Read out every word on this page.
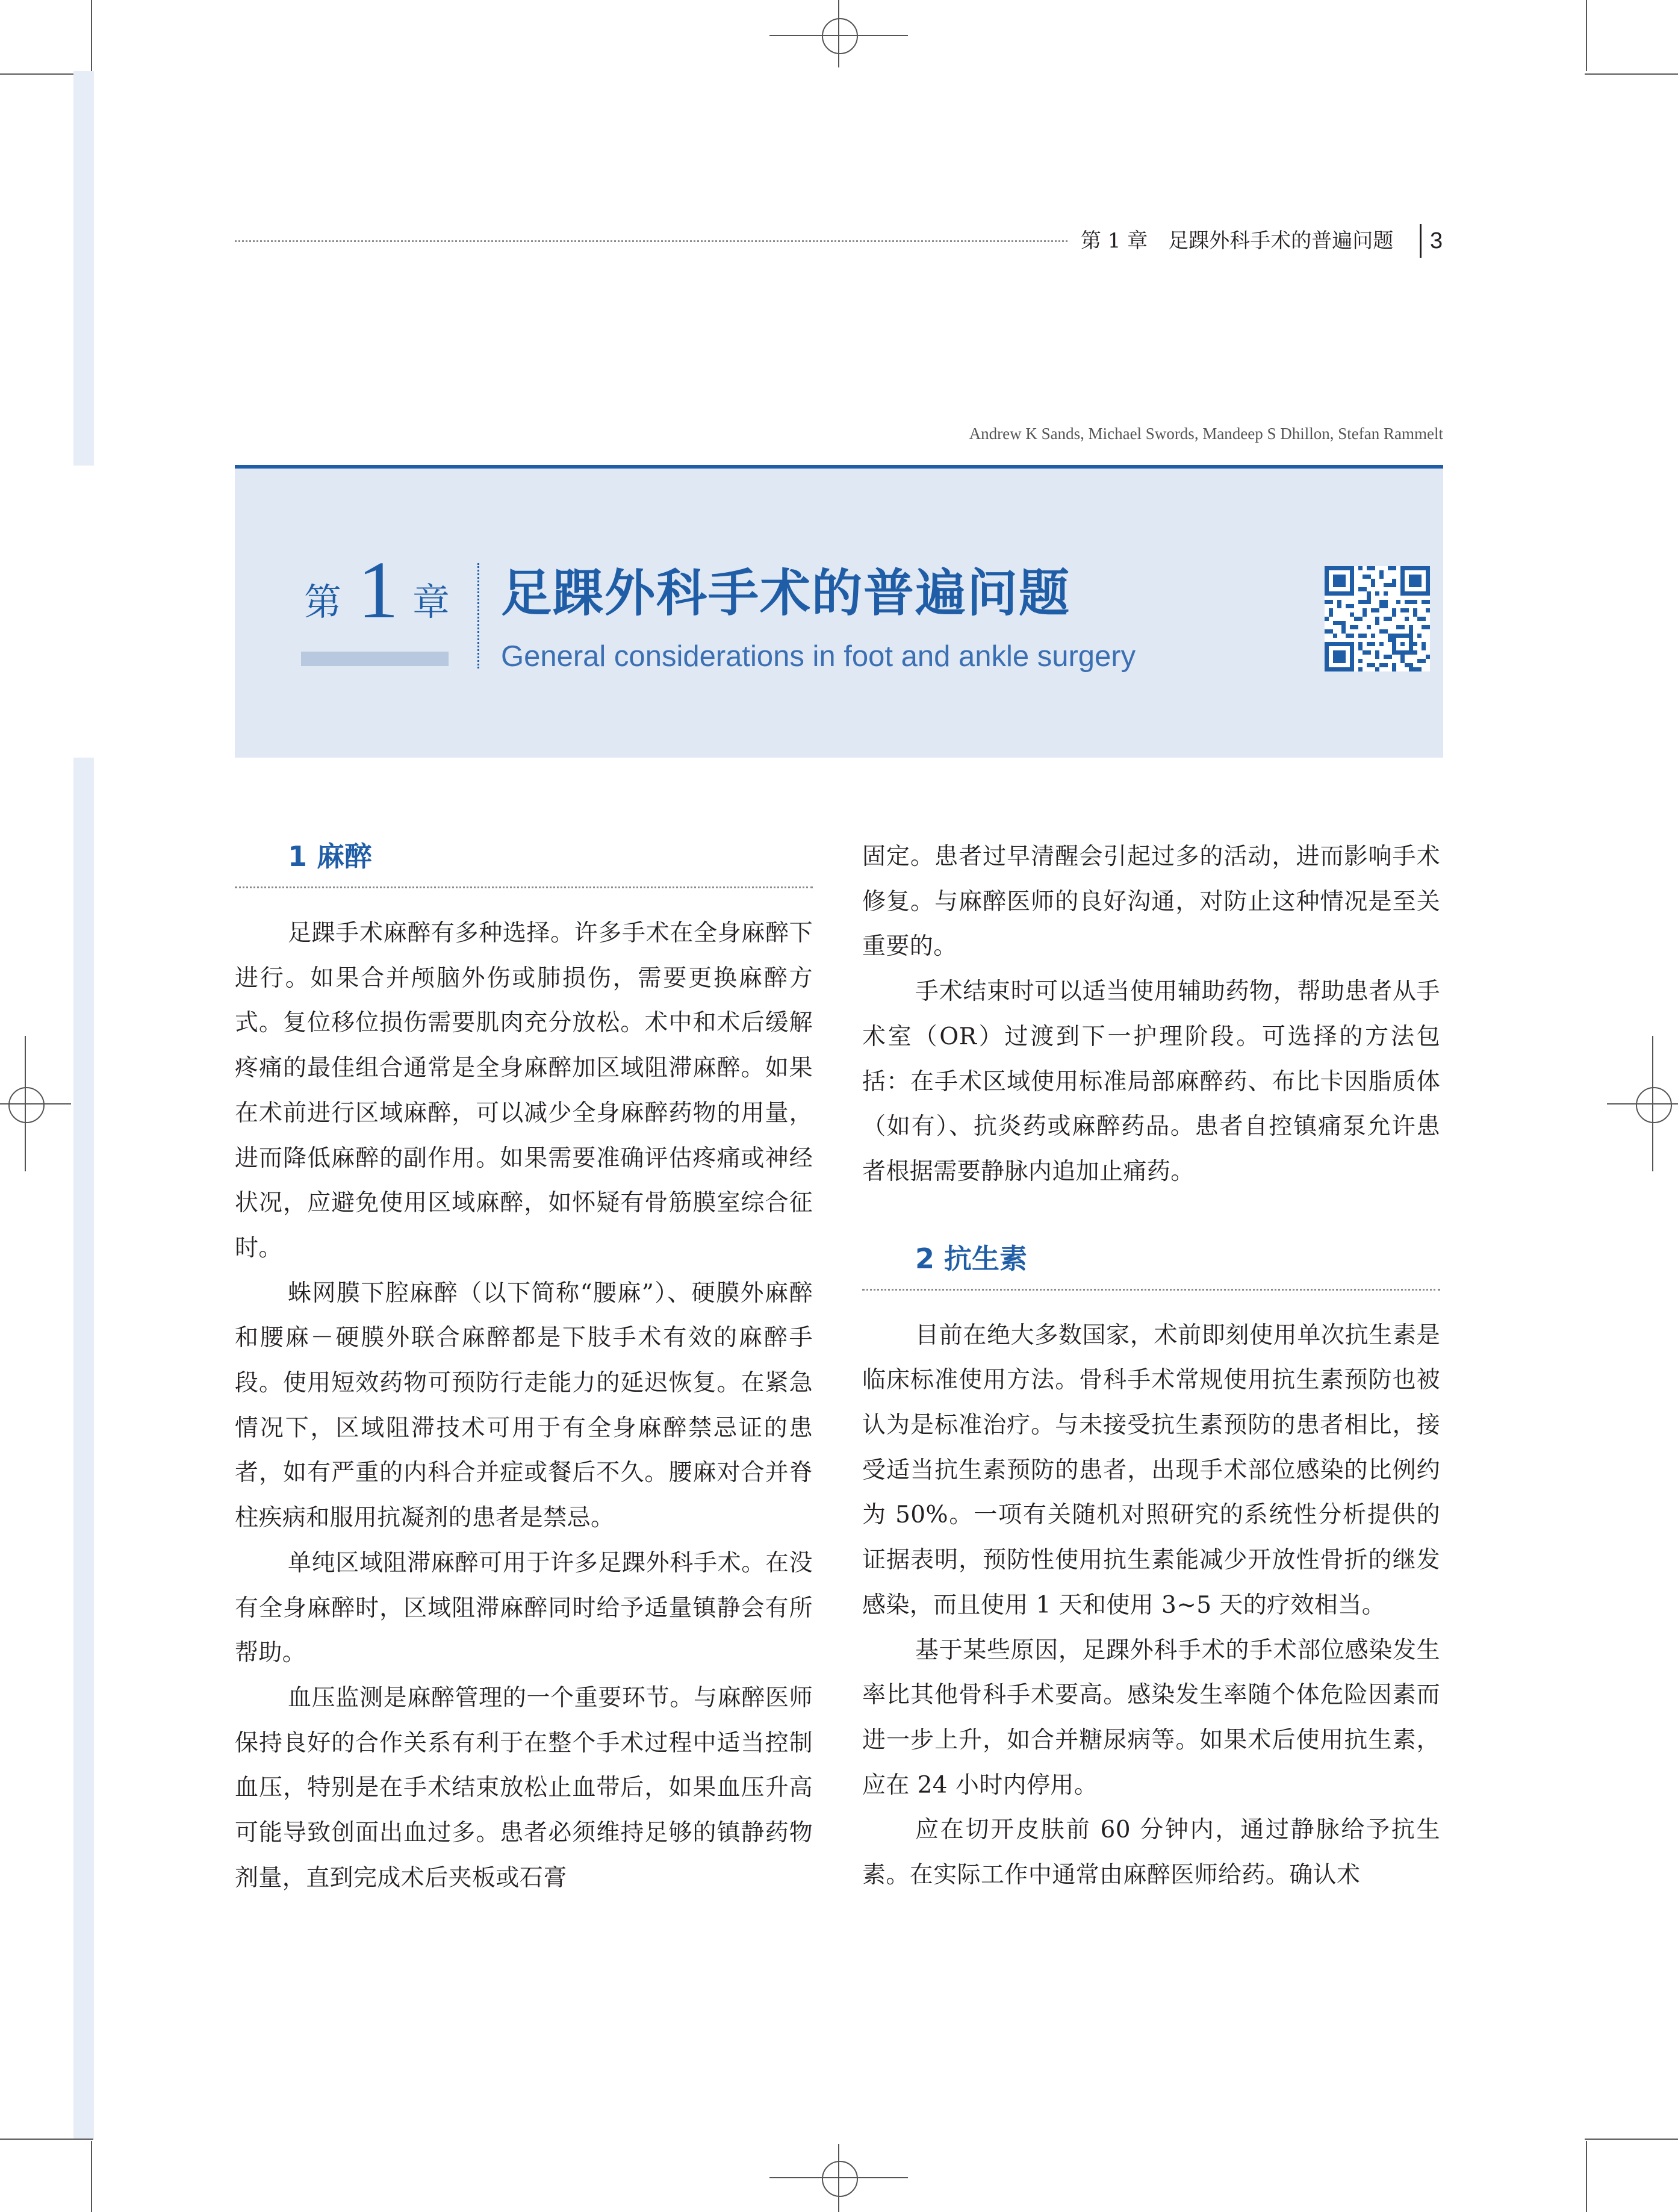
第 1 章　足踝外科手术的普遍问题	3
Andrew K Sands, Michael Swords, Mandeep S Dhillon, Stefan Rammelt
第 1 章 足踝外科手术的普遍问题
General considerations in foot and ankle surgery
1 麻醉

足踝手术麻醉有多种选择。许多手术在全身麻醉下进行。如果合并颅脑外伤或肺损伤，需要更换麻醉方式。复位移位损伤需要肌肉充分放松。术中和术后缓解疼痛的最佳组合通常是全身麻醉加区域阻滞麻醉。如果在术前进行区域麻醉，可以减少全身麻醉药物的用量，进而降低麻醉的副作用。如果需要准确评估疼痛或神经状况，应避免使用区域麻醉，如怀疑有骨筋膜室综合征时。

蛛网膜下腔麻醉（以下简称“腰麻”）、硬膜外麻醉和腰麻－硬膜外联合麻醉都是下肢手术有效的麻醉手段。使用短效药物可预防行走能力的延迟恢复。在紧急情况下，区域阻滞技术可用于有全身麻醉禁忌证的患者，如有严重的内科合并症或餐后不久。腰麻对合并脊柱疾病和服用抗凝剂的患者是禁忌。

单纯区域阻滞麻醉可用于许多足踝外科手术。在没有全身麻醉时，区域阻滞麻醉同时给予适量镇静会有所帮助。

血压监测是麻醉管理的一个重要环节。与麻醉医师保持良好的合作关系有利于在整个手术过程中适当控制血压，特别是在手术结束放松止血带后，如果血压升高可能导致创面出血过多。患者必须维持足够的镇静药物剂量，直到完成术后夹板或石膏

固定。患者过早清醒会引起过多的活动，进而影响手术修复。与麻醉医师的良好沟通，对防止这种情况是至关重要的。

手术结束时可以适当使用辅助药物，帮助患者从手术室（OR）过渡到下一护理阶段。可选择的方法包括：在手术区域使用标准局部麻醉药、布比卡因脂质体（如有）、抗炎药或麻醉药品。患者自控镇痛泵允许患者根据需要静脉内追加止痛药。

2 抗生素

目前在绝大多数国家，术前即刻使用单次抗生素是临床标准使用方法。骨科手术常规使用抗生素预防也被认为是标准治疗。与未接受抗生素预防的患者相比，接受适当抗生素预防的患者，出现手术部位感染的比例约为 50%。一项有关随机对照研究的系统性分析提供的证据表明，预防性使用抗生素能减少开放性骨折的继发感染，而且使用 1 天和使用 3~5 天的疗效相当。

基于某些原因，足踝外科手术的手术部位感染发生率比其他骨科手术要高。感染发生率随个体危险因素而进一步上升，如合并糖尿病等。如果术后使用抗生素，应在 24 小时内停用。

应在切开皮肤前 60 分钟内，通过静脉给予抗生素。在实际工作中通常由麻醉医师给药。确认术
